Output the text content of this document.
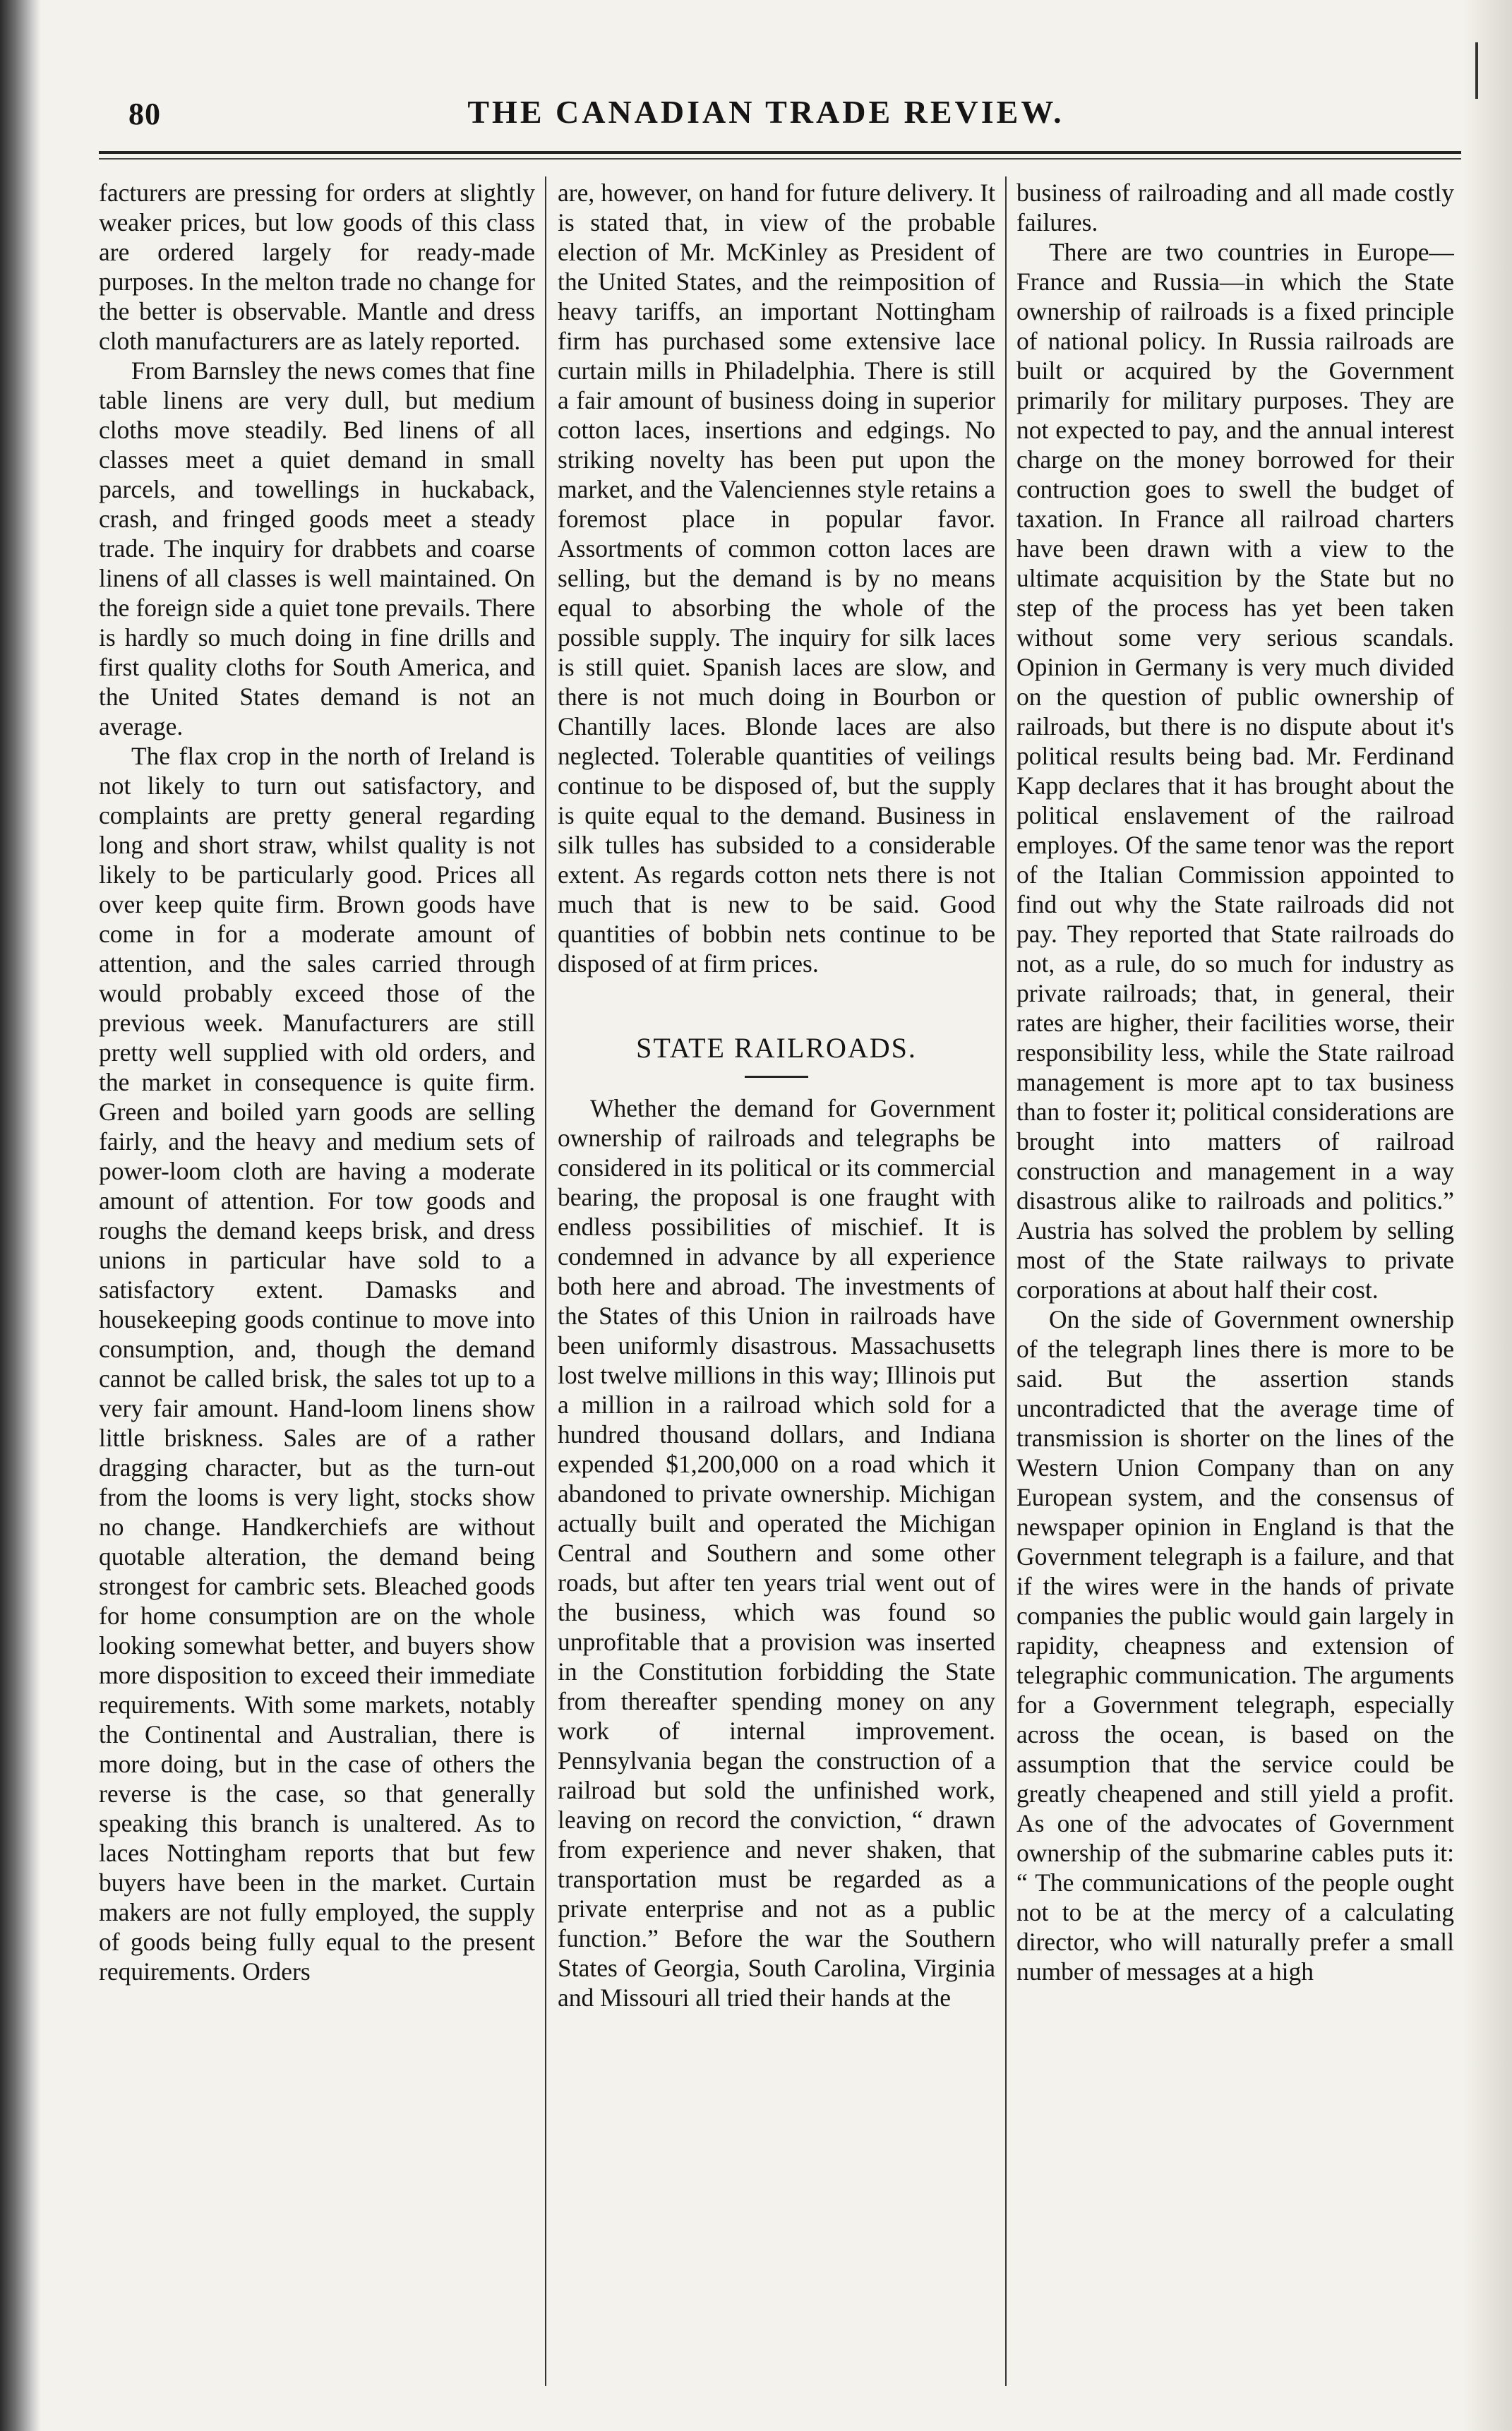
80	THE CANADIAN TRADE REVIEW.

facturers are pressing for orders at slightly weaker prices, but low goods of this class are ordered largely for ready-made purposes. In the melton trade no change for the better is observable. Mantle and dress cloth manufacturers are as lately reported.

From Barnsley the news comes that fine table linens are very dull, but medium cloths move steadily. Bed linens of all classes meet a quiet demand in small parcels, and towellings in huckaback, crash, and fringed goods meet a steady trade. The inquiry for drabbets and coarse linens of all classes is well maintained. On the foreign side a quiet tone prevails. There is hardly so much doing in fine drills and first quality cloths for South America, and the United States demand is not an average.

The flax crop in the north of Ireland is not likely to turn out satisfactory, and complaints are pretty general regarding long and short straw, whilst quality is not likely to be particularly good. Prices all over keep quite firm. Brown goods have come in for a moderate amount of attention, and the sales carried through would probably exceed those of the previous week. Manufacturers are still pretty well supplied with old orders, and the market in consequence is quite firm. Green and boiled yarn goods are selling fairly, and the heavy and medium sets of power-loom cloth are having a moderate amount of attention. For tow goods and roughs the demand keeps brisk, and dress unions in particular have sold to a satisfactory extent. Damasks and housekeeping goods continue to move into consumption, and, though the demand cannot be called brisk, the sales tot up to a very fair amount. Hand-loom linens show little briskness. Sales are of a rather dragging character, but as the turn-out from the looms is very light, stocks show no change. Handkerchiefs are without quotable alteration, the demand being strongest for cambric sets. Bleached goods for home consumption are on the whole looking somewhat better, and buyers show more disposition to exceed their immediate requirements. With some markets, notably the Continental and Australian, there is more doing, but in the case of others the reverse is the case, so that generally speaking this branch is unaltered. As to laces Nottingham reports that but few buyers have been in the market. Curtain makers are not fully employed, the supply of goods being fully equal to the present requirements. Orders

are, however, on hand for future delivery. It is stated that, in view of the probable election of Mr. McKinley as President of the United States, and the reimposition of heavy tariffs, an important Nottingham firm has purchased some extensive lace curtain mills in Philadelphia. There is still a fair amount of business doing in superior cotton laces, insertions and edgings. No striking novelty has been put upon the market, and the Valenciennes style retains a foremost place in popular favor. Assortments of common cotton laces are selling, but the demand is by no means equal to absorbing the whole of the possible supply. The inquiry for silk laces is still quiet. Spanish laces are slow, and there is not much doing in Bourbon or Chantilly laces. Blonde laces are also neglected. Tolerable quantities of veilings continue to be disposed of, but the supply is quite equal to the demand. Business in silk tulles has subsided to a considerable extent. As regards cotton nets there is not much that is new to be said. Good quantities of bobbin nets continue to be disposed of at firm prices.

STATE RAILROADS.

Whether the demand for Government ownership of railroads and telegraphs be considered in its political or its commercial bearing, the proposal is one fraught with endless possibilities of mischief. It is condemned in advance by all experience both here and abroad. The investments of the States of this Union in railroads have been uniformly disastrous. Massachusetts lost twelve millions in this way; Illinois put a million in a railroad which sold for a hundred thousand dollars, and Indiana expended $1,200,000 on a road which it abandoned to private ownership. Michigan actually built and operated the Michigan Central and Southern and some other roads, but after ten years trial went out of the business, which was found so unprofitable that a provision was inserted in the Constitution forbidding the State from thereafter spending money on any work of internal improvement. Pennsylvania began the construction of a railroad but sold the unfinished work, leaving on record the conviction, “ drawn from experience and never shaken, that transportation must be regarded as a private enterprise and not as a public function.” Before the war the Southern States of Georgia, South Carolina, Virginia and Missouri all tried their hands at the

business of railroading and all made costly failures.

There are two countries in Europe—France and Russia—in which the State ownership of railroads is a fixed principle of national policy. In Russia railroads are built or acquired by the Government primarily for military purposes. They are not expected to pay, and the annual interest charge on the money borrowed for their contruction goes to swell the budget of taxation. In France all railroad charters have been drawn with a view to the ultimate acquisition by the State but no step of the process has yet been taken without some very serious scandals. Opinion in Germany is very much divided on the question of public ownership of railroads, but there is no dispute about it's political results being bad. Mr. Ferdinand Kapp declares that it has brought about the political enslavement of the railroad employes. Of the same tenor was the report of the Italian Commission appointed to find out why the State railroads did not pay. They reported that State railroads do not, as a rule, do so much for industry as private railroads; that, in general, their rates are higher, their facilities worse, their responsibility less, while the State railroad management is more apt to tax business than to foster it; political considerations are brought into matters of railroad construction and management in a way disastrous alike to railroads and politics.” Austria has solved the problem by selling most of the State railways to private corporations at about half their cost.

On the side of Government ownership of the telegraph lines there is more to be said. But the assertion stands uncontradicted that the average time of transmission is shorter on the lines of the Western Union Company than on any European system, and the consensus of newspaper opinion in England is that the Government telegraph is a failure, and that if the wires were in the hands of private companies the public would gain largely in rapidity, cheapness and extension of telegraphic communication. The arguments for a Government telegraph, especially across the ocean, is based on the assumption that the service could be greatly cheapened and still yield a profit. As one of the advocates of Government ownership of the submarine cables puts it: “ The communications of the people ought not to be at the mercy of a calculating director, who will naturally prefer a small number of messages at a high
